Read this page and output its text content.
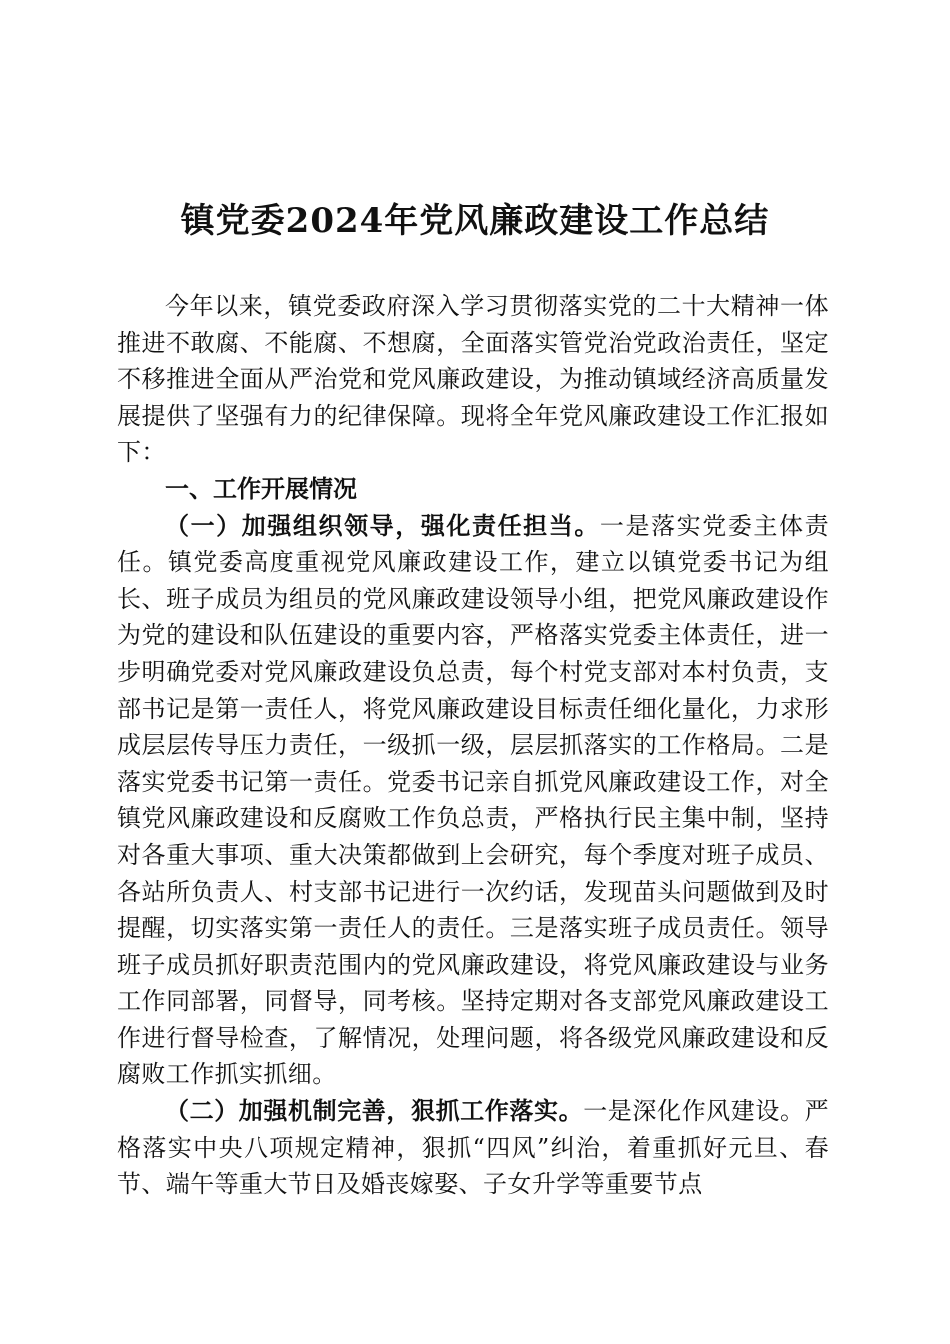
镇党委2024年党风廉政建设工作总结

今年以来，镇党委政府深入学习贯彻落实党的二十大精神一体推进不敢腐、不能腐、不想腐，全面落实管党治党政治责任，坚定不移推进全面从严治党和党风廉政建设，为推动镇域经济高质量发展提供了坚强有力的纪律保障。现将全年党风廉政建设工作汇报如下：

一、工作开展情况

（一）加强组织领导，强化责任担当。一是落实党委主体责任。镇党委高度重视党风廉政建设工作，建立以镇党委书记为组长、班子成员为组员的党风廉政建设领导小组，把党风廉政建设作为党的建设和队伍建设的重要内容，严格落实党委主体责任，进一步明确党委对党风廉政建设负总责，每个村党支部对本村负责，支部书记是第一责任人，将党风廉政建设目标责任细化量化，力求形成层层传导压力责任，一级抓一级，层层抓落实的工作格局。二是落实党委书记第一责任。党委书记亲自抓党风廉政建设工作，对全镇党风廉政建设和反腐败工作负总责，严格执行民主集中制，坚持对各重大事项、重大决策都做到上会研究，每个季度对班子成员、各站所负责人、村支部书记进行一次约话，发现苗头问题做到及时提醒，切实落实第一责任人的责任。三是落实班子成员责任。领导班子成员抓好职责范围内的党风廉政建设，将党风廉政建设与业务工作同部署，同督导，同考核。坚持定期对各支部党风廉政建设工作进行督导检查，了解情况，处理问题，将各级党风廉政建设和反腐败工作抓实抓细。

（二）加强机制完善，狠抓工作落实。一是深化作风建设。严格落实中央八项规定精神，狠抓“四风”纠治，着重抓好元旦、春节、端午等重大节日及婚丧嫁娶、子女升学等重要节点
